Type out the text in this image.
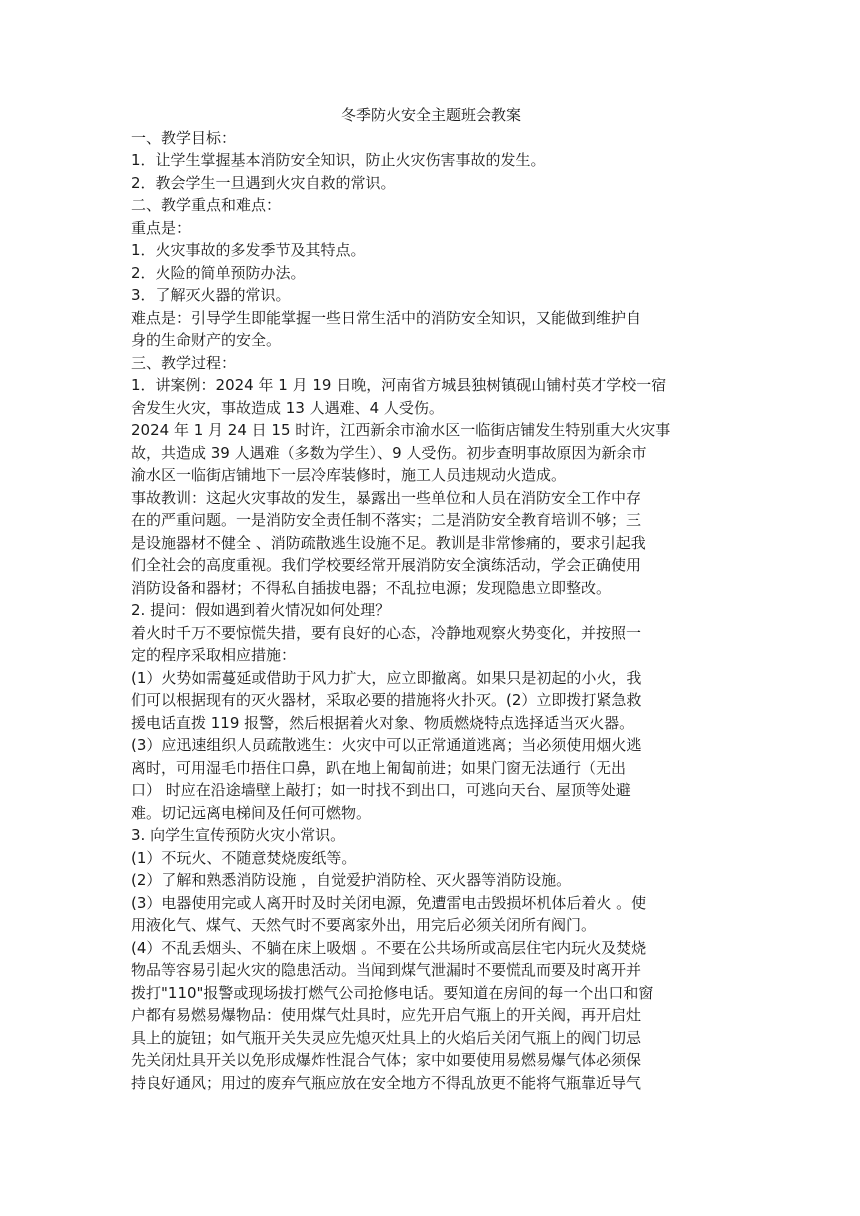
冬季防火安全主题班会教案

一、教学目标：

1．让学生掌握基本消防安全知识，防止火灾伤害事故的发生。

2．教会学生一旦遇到火灾自救的常识。

二、教学重点和难点：

重点是：

1．火灾事故的多发季节及其特点。

2．火险的简单预防办法。

3．了解灭火器的常识。

难点是：引导学生即能掌握一些日常生活中的消防安全知识，又能做到维护自

身的生命财产的安全。

三、教学过程：

1．讲案例：2024 年 1 月 19 日晚，河南省方城县独树镇砚山铺村英才学校一宿

舍发生火灾，事故造成 13 人遇难、4 人受伤。

2024 年 1 月 24 日 15 时许，江西新余市渝水区一临街店铺发生特别重大火灾事

故，共造成 39 人遇难（多数为学生）、9 人受伤。初步查明事故原因为新余市

渝水区一临街店铺地下一层冷库装修时，施工人员违规动火造成。

事故教训：这起火灾事故的发生，暴露出一些单位和人员在消防安全工作中存

在的严重问题。一是消防安全责任制不落实；二是消防安全教育培训不够；三

是设施器材不健全 、消防疏散逃生设施不足。教训是非常惨痛的，要求引起我

们全社会的高度重视。我们学校要经常开展消防安全演练活动，学会正确使用

消防设备和器材；不得私自插拔电器；不乱拉电源；发现隐患立即整改。

2. 提问：假如遇到着火情况如何处理？

着火时千万不要惊慌失措，要有良好的心态，冷静地观察火势变化，并按照一

定的程序采取相应措施：

(1）火势如需蔓延或借助于风力扩大，应立即撤离。如果只是初起的小火，我

们可以根据现有的灭火器材，采取必要的措施将火扑灭。(2）立即拨打紧急救

援电话直拨 119 报警，然后根据着火对象、物质燃烧特点选择适当灭火器。

(3）应迅速组织人员疏散逃生：火灾中可以正常通道逃离；当必须使用烟火逃

离时，可用湿毛巾捂住口鼻，趴在地上匍匐前进；如果门窗无法通行（无出

口） 时应在沿途墙壁上敲打；如一时找不到出口，可逃向天台、屋顶等处避

难。切记远离电梯间及任何可燃物。

3. 向学生宣传预防火灾小常识。

(1）不玩火、不随意焚烧废纸等。

(2）了解和熟悉消防设施 ，自觉爱护消防栓、灭火器等消防设施。

(3）电器使用完或人离开时及时关闭电源，免遭雷电击毁损坏机体后着火 。使

用液化气、煤气、天然气时不要离家外出，用完后必须关闭所有阀门。

(4）不乱丢烟头、不躺在床上吸烟 。不要在公共场所或高层住宅内玩火及焚烧

物品等容易引起火灾的隐患活动。当闻到煤气泄漏时不要慌乱而要及时离开并

拨打"110"报警或现场拔打燃气公司抢修电话。要知道在房间的每一个出口和窗

户都有易燃易爆物品：使用煤气灶具时，应先开启气瓶上的开关阀，再开启灶

具上的旋钮；如气瓶开关失灵应先熄灭灶具上的火焰后关闭气瓶上的阀门切忌

先关闭灶具开关以免形成爆炸性混合气体；家中如要使用易燃易爆气体必须保

持良好通风；用过的废弃气瓶应放在安全地方不得乱放更不能将气瓶靠近导气
